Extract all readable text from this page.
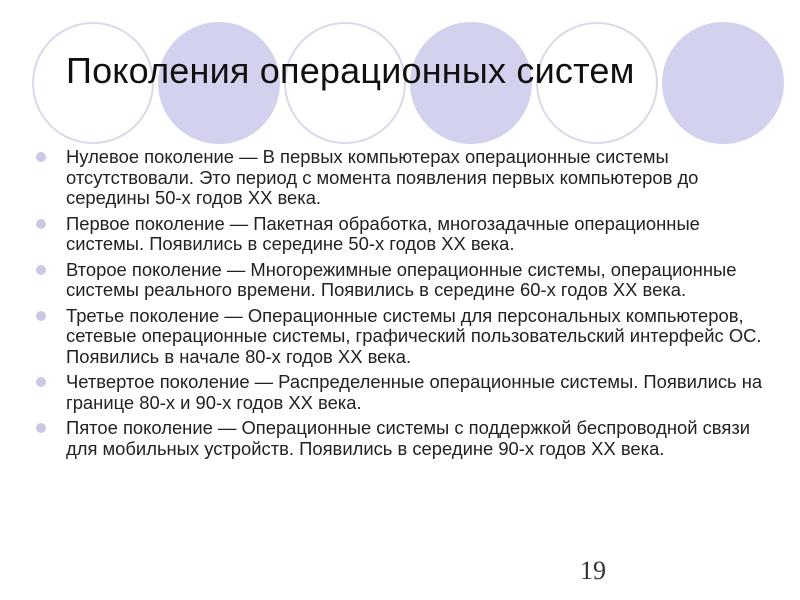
Поколения операционных систем
Нулевое поколение — В первых компьютерах операционные системы отсутствовали. Это период с момента появления первых компьютеров до середины 50-х годов XX века.
Первое поколение — Пакетная обработка, многозадачные операционные системы. Появились в середине 50-х годов XX века.
Второе поколение — Многорежимные операционные системы, операционные системы реального времени. Появились в середине 60-х годов XX века.
Третье поколение — Операционные системы для персональных компьютеров, сетевые операционные системы, графический пользовательский интерфейс ОС. Появились в начале 80-х годов XX века.
Четвертое поколение — Распределенные операционные системы. Появились на границе 80-х и 90-х годов XX века.
Пятое поколение — Операционные системы с поддержкой беспроводной связи для мобильных устройств. Появились в середине 90-х годов XX века.
19
